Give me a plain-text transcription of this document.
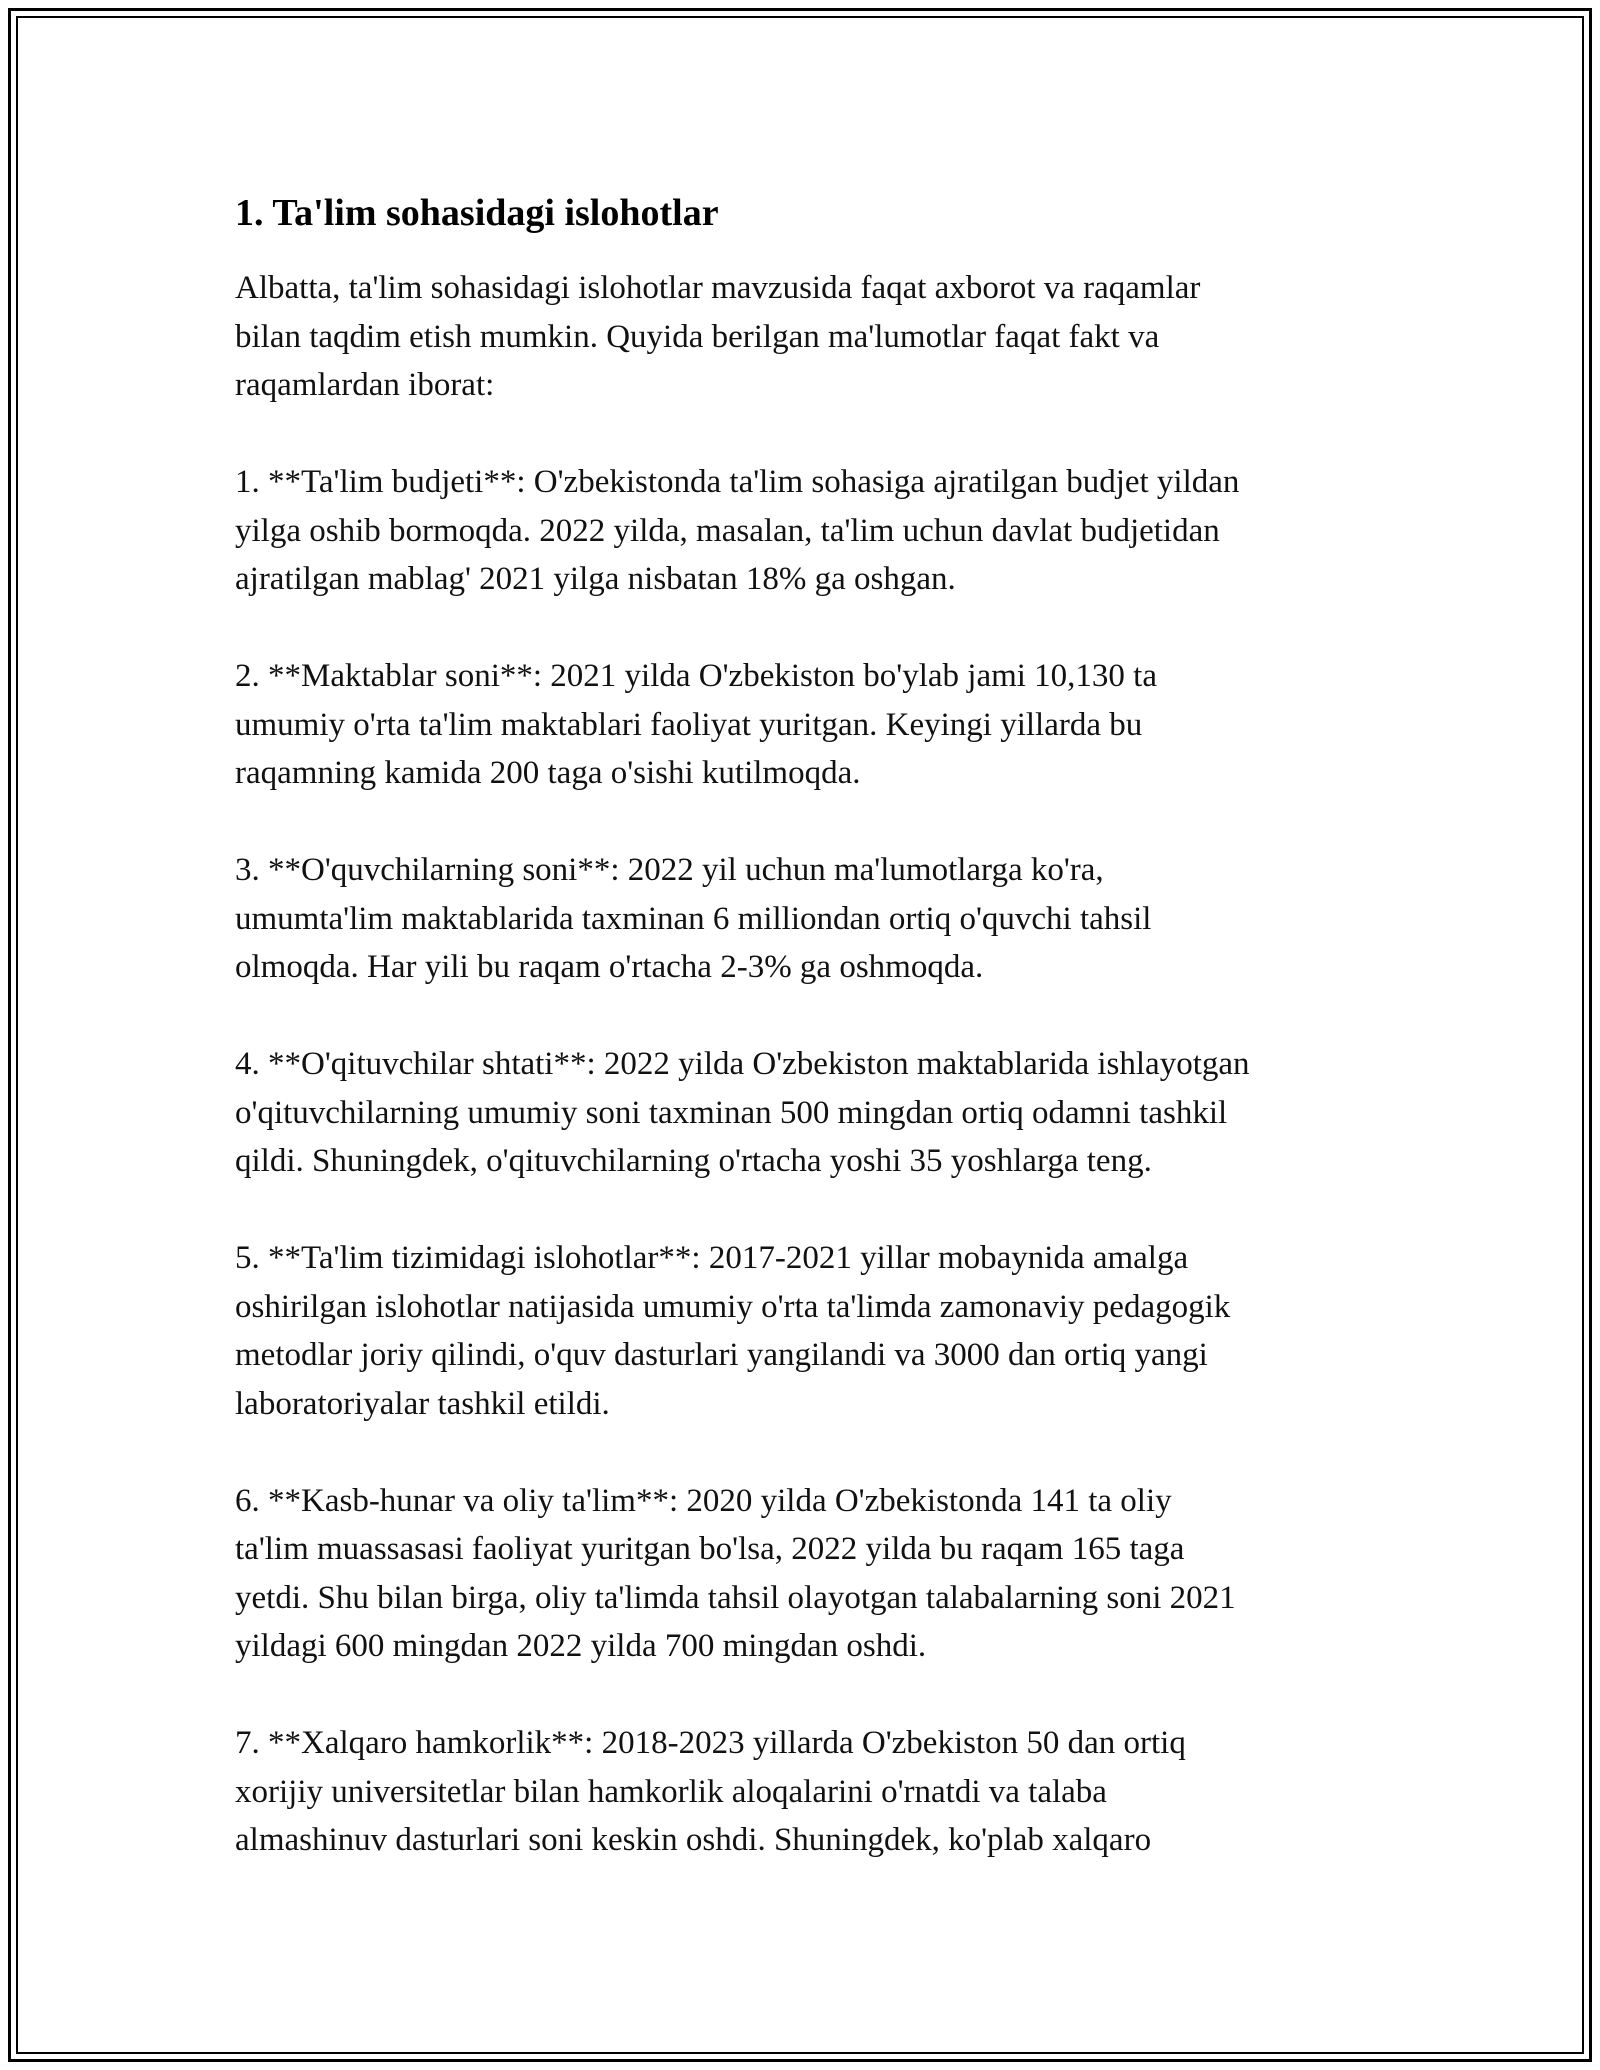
1. Ta'lim sohasidagi islohotlar

Albatta, ta'lim sohasidagi islohotlar mavzusida faqat axborot va raqamlar
bilan taqdim etish mumkin. Quyida berilgan ma'lumotlar faqat fakt va
raqamlardan iborat:

1. **Ta'lim budjeti**: O'zbekistonda ta'lim sohasiga ajratilgan budjet yildan
yilga oshib bormoqda. 2022 yilda, masalan, ta'lim uchun davlat budjetidan
ajratilgan mablag' 2021 yilga nisbatan 18% ga oshgan.

2. **Maktablar soni**: 2021 yilda O'zbekiston bo'ylab jami 10,130 ta
umumiy o'rta ta'lim maktablari faoliyat yuritgan. Keyingi yillarda bu
raqamning kamida 200 taga o'sishi kutilmoqda.

3. **O'quvchilarning soni**: 2022 yil uchun ma'lumotlarga ko'ra,
umumta'lim maktablarida taxminan 6 milliondan ortiq o'quvchi tahsil
olmoqda. Har yili bu raqam o'rtacha 2-3% ga oshmoqda.

4. **O'qituvchilar shtati**: 2022 yilda O'zbekiston maktablarida ishlayotgan
o'qituvchilarning umumiy soni taxminan 500 mingdan ortiq odamni tashkil
qildi. Shuningdek, o'qituvchilarning o'rtacha yoshi 35 yoshlarga teng.

5. **Ta'lim tizimidagi islohotlar**: 2017-2021 yillar mobaynida amalga
oshirilgan islohotlar natijasida umumiy o'rta ta'limda zamonaviy pedagogik
metodlar joriy qilindi, o'quv dasturlari yangilandi va 3000 dan ortiq yangi
laboratoriyalar tashkil etildi.

6. **Kasb-hunar va oliy ta'lim**: 2020 yilda O'zbekistonda 141 ta oliy
ta'lim muassasasi faoliyat yuritgan bo'lsa, 2022 yilda bu raqam 165 taga
yetdi. Shu bilan birga, oliy ta'limda tahsil olayotgan talabalarning soni 2021
yildagi 600 mingdan 2022 yilda 700 mingdan oshdi.

7. **Xalqaro hamkorlik**: 2018-2023 yillarda O'zbekiston 50 dan ortiq
xorijiy universitetlar bilan hamkorlik aloqalarini o'rnatdi va talaba
almashinuv dasturlari soni keskin oshdi. Shuningdek, ko'plab xalqaro
